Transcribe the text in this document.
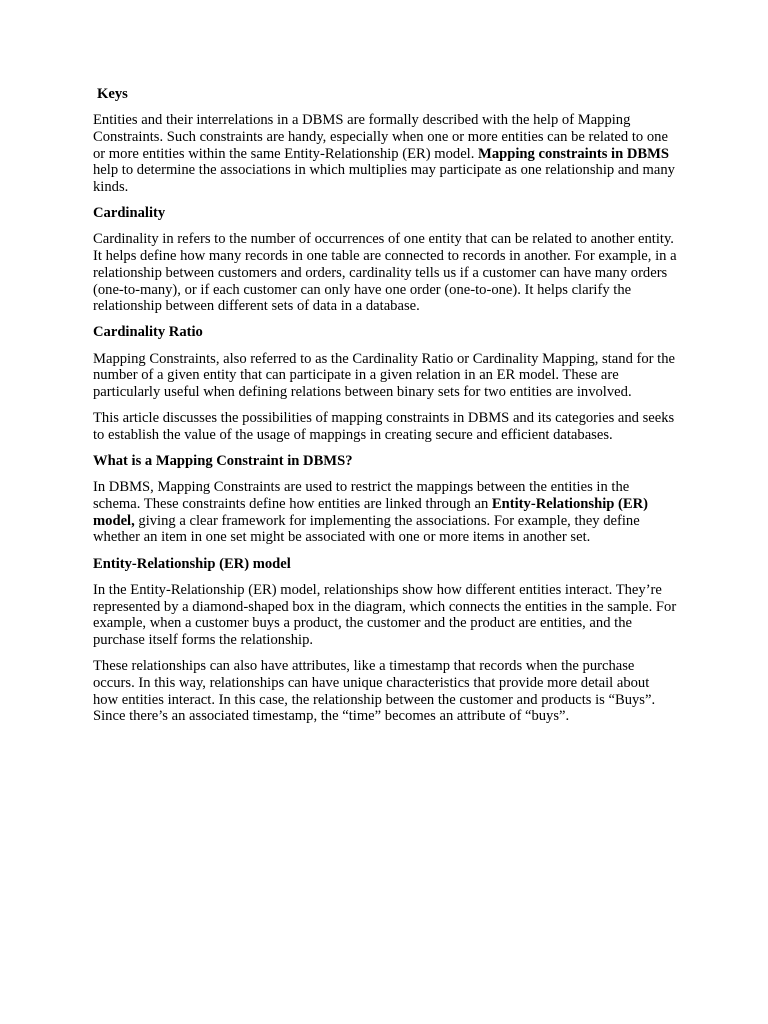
Keys

Entities and their interrelations in a DBMS are formally described with the help of Mapping Constraints. Such constraints are handy, especially when one or more entities can be related to one or more entities within the same Entity-Relationship (ER) model. Mapping constraints in DBMS help to determine the associations in which multiplies may participate as one relationship and many kinds.

Cardinality

Cardinality in refers to the number of occurrences of one entity that can be related to another entity. It helps define how many records in one table are connected to records in another. For example, in a relationship between customers and orders, cardinality tells us if a customer can have many orders (one-to-many), or if each customer can only have one order (one-to-one). It helps clarify the relationship between different sets of data in a database.

Cardinality Ratio

Mapping Constraints, also referred to as the Cardinality Ratio or Cardinality Mapping, stand for the number of a given entity that can participate in a given relation in an ER model. These are particularly useful when defining relations between binary sets for two entities are involved.

This article discusses the possibilities of mapping constraints in DBMS and its categories and seeks to establish the value of the usage of mappings in creating secure and efficient databases.

What is a Mapping Constraint in DBMS?

In DBMS, Mapping Constraints are used to restrict the mappings between the entities in the schema. These constraints define how entities are linked through an Entity-Relationship (ER) model, giving a clear framework for implementing the associations. For example, they define whether an item in one set might be associated with one or more items in another set.

Entity-Relationship (ER) model

In the Entity-Relationship (ER) model, relationships show how different entities interact. They’re represented by a diamond-shaped box in the diagram, which connects the entities in the sample. For example, when a customer buys a product, the customer and the product are entities, and the purchase itself forms the relationship.

These relationships can also have attributes, like a timestamp that records when the purchase occurs. In this way, relationships can have unique characteristics that provide more detail about how entities interact. In this case, the relationship between the customer and products is “Buys”. Since there’s an associated timestamp, the “time” becomes an attribute of “buys”.
